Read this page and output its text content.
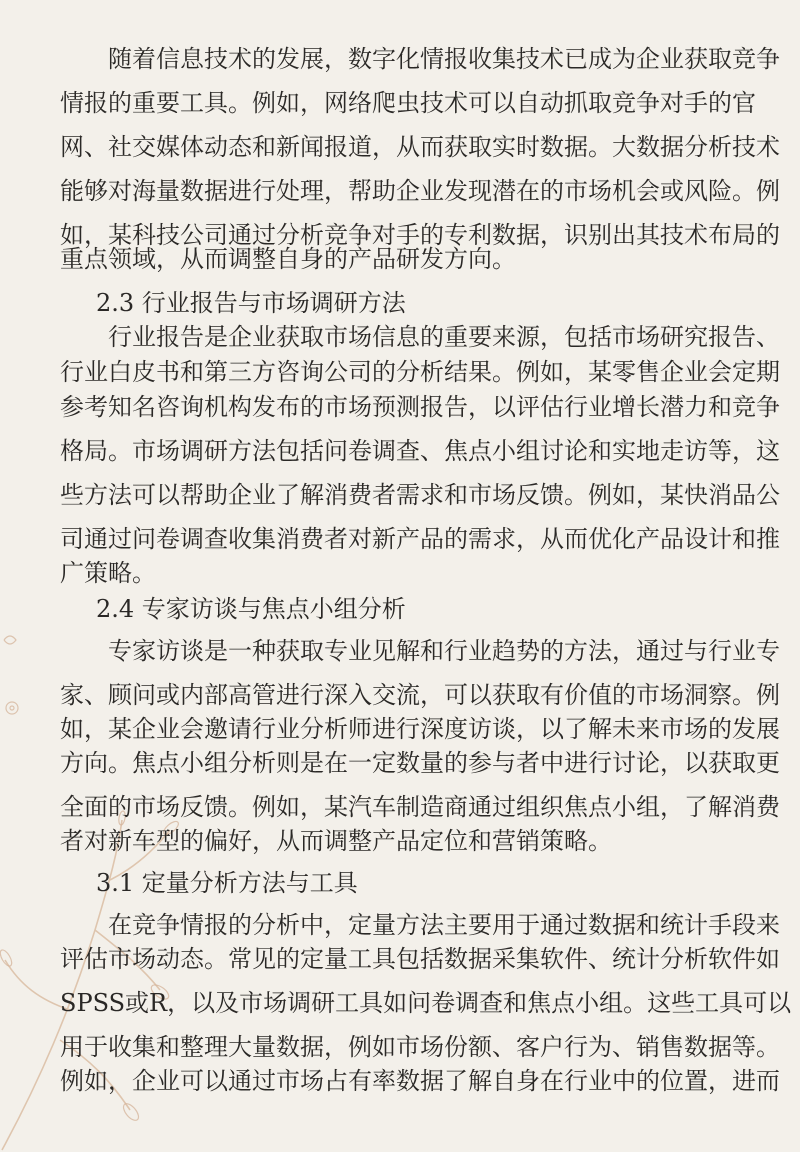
随着信息技术的发展，数字化情报收集技术已成为企业获取竞争
情报的重要工具。例如，网络爬虫技术可以自动抓取竞争对手的官
网、社交媒体动态和新闻报道，从而获取实时数据。大数据分析技术
能够对海量数据进行处理，帮助企业发现潜在的市场机会或风险。例
如，某科技公司通过分析竞争对手的专利数据，识别出其技术布局的
重点领域，从而调整自身的产品研发方向。
2.3 行业报告与市场调研方法
行业报告是企业获取市场信息的重要来源，包括市场研究报告、
行业白皮书和第三方咨询公司的分析结果。例如，某零售企业会定期
参考知名咨询机构发布的市场预测报告，以评估行业增长潜力和竞争
格局。市场调研方法包括问卷调查、焦点小组讨论和实地走访等，这
些方法可以帮助企业了解消费者需求和市场反馈。例如，某快消品公
司通过问卷调查收集消费者对新产品的需求，从而优化产品设计和推
广策略。
2.4 专家访谈与焦点小组分析
专家访谈是一种获取专业见解和行业趋势的方法，通过与行业专
家、顾问或内部高管进行深入交流，可以获取有价值的市场洞察。例
如，某企业会邀请行业分析师进行深度访谈，以了解未来市场的发展
方向。焦点小组分析则是在一定数量的参与者中进行讨论，以获取更
全面的市场反馈。例如，某汽车制造商通过组织焦点小组，了解消费
者对新车型的偏好，从而调整产品定位和营销策略。
3.1 定量分析方法与工具
在竞争情报的分析中，定量方法主要用于通过数据和统计手段来
评估市场动态。常见的定量工具包括数据采集软件、统计分析软件如
SPSS或R，以及市场调研工具如问卷调查和焦点小组。这些工具可以
用于收集和整理大量数据，例如市场份额、客户行为、销售数据等。
例如，企业可以通过市场占有率数据了解自身在行业中的位置，进而
